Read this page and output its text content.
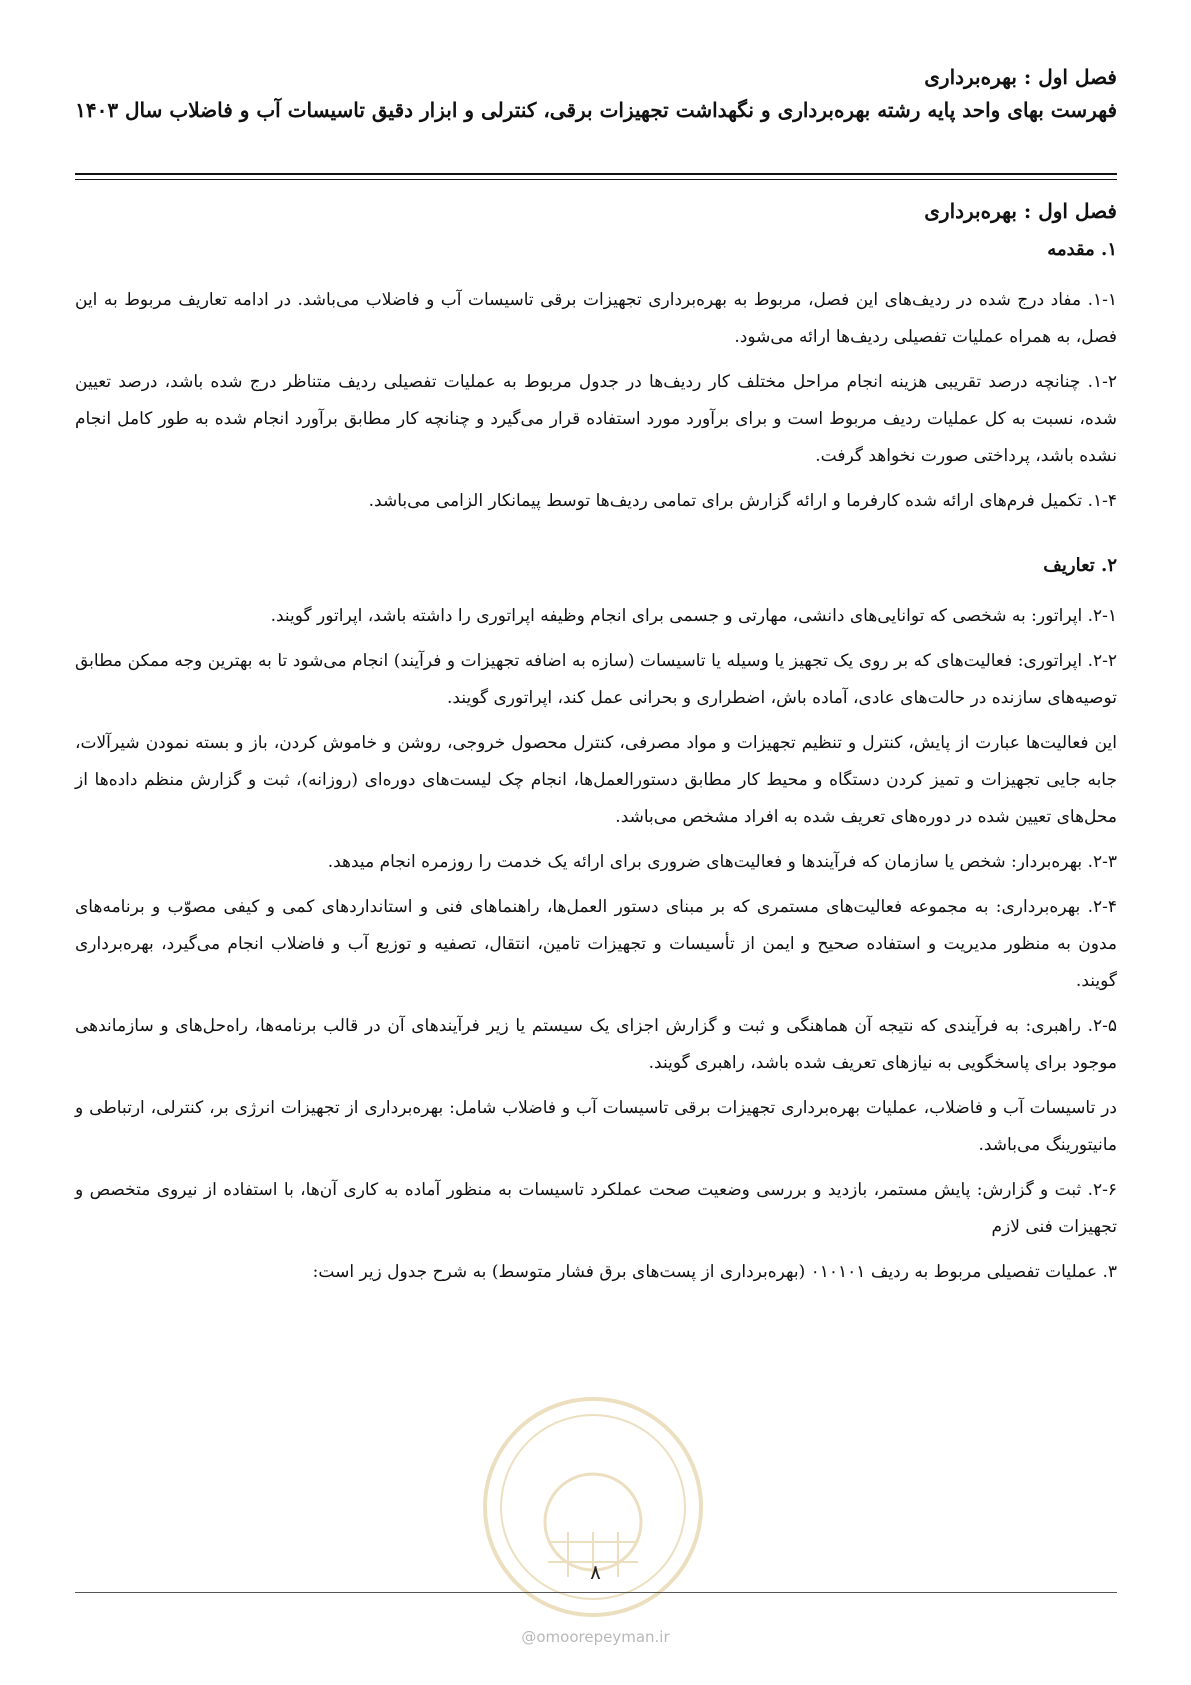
فصل اول : بهره‌برداری
فهرست بهای واحد پایه رشته بهره‌برداری و نگهداشت تجهیزات برقی، کنترلی و ابزار دقیق تاسیسات آب و فاضلاب سال ۱۴۰۳

فصل اول : بهره‌برداری

۱. مقدمه

۱-۱. مفاد درج شده در ردیف‌های این فصل، مربوط به بهره‌برداری تجهیزات برقی تاسیسات آب و فاضلاب می‌باشد. در ادامه تعاریف مربوط به این فصل، به همراه عملیات تفصیلی ردیف‌ها ارائه می‌شود.

۱-۲. چنانچه درصد تقریبی هزینه انجام مراحل مختلف کار ردیف‌ها در جدول مربوط به عملیات تفصیلی ردیف متناظر درج شده باشد، درصد تعیین شده، نسبت به کل عملیات ردیف مربوط است و برای برآورد مورد استفاده قرار می‌گیرد و چنانچه کار مطابق برآورد انجام شده به طور کامل انجام نشده باشد، پرداختی صورت نخواهد گرفت.

۱-۴. تکمیل فرم‌های ارائه شده کارفرما و ارائه گزارش برای تمامی ردیف‌ها توسط پیمانکار الزامی می‌باشد.

۲. تعاریف

۲-۱. اپراتور: به شخصی که توانایی‌های دانشی، مهارتی و جسمی برای انجام وظیفه اپراتوری را داشته باشد، اپراتور گویند.

۲-۲. اپراتوری: فعالیت‌های که بر روی یک تجهیز یا وسیله یا تاسیسات (سازه به اضافه تجهیزات و فرآیند) انجام می‌شود تا به بهترین وجه ممکن مطابق توصیه‌های سازنده در حالت‌های عادی، آماده باش، اضطراری و بحرانی عمل کند، اپراتوری گویند.

این فعالیت‌ها عبارت از پایش، کنترل و تنظیم تجهیزات و مواد مصرفی، کنترل محصول خروجی، روشن و خاموش کردن، باز و بسته نمودن شیرآلات، جابه جایی تجهیزات و تمیز کردن دستگاه و محیط کار مطابق دستورالعمل‌ها، انجام چک لیست‌های دوره‌ای (روزانه)، ثبت و گزارش منظم داده‌ها از محل‌های تعیین شده در دوره‌های تعریف شده به افراد مشخص می‌باشد.

۲-۳. بهره‌بردار: شخص یا سازمان که فرآیندها و فعالیت‌های ضروری برای ارائه یک خدمت را روزمره انجام میدهد.

۲-۴. بهره‌برداری: به مجموعه فعالیت‌های مستمری که بر مبنای دستور العمل‌ها، راهنماهای فنی و استانداردهای کمی و کیفی مصوّب و برنامه‌های مدون به منظور مدیریت و استفاده صحیح و ایمن از تأسیسات و تجهیزات تامین، انتقال، تصفیه و توزیع آب و فاضلاب انجام می‌گیرد، بهره‌برداری گویند.

۲-۵. راهبری: به فرآیندی که نتیجه آن هماهنگی و ثبت و گزارش اجزای یک سیستم یا زیر فرآیندهای آن در قالب برنامه‌ها، راه‌حل‌های و سازماندهی موجود برای پاسخگویی به نیازهای تعریف شده باشد، راهبری گویند.

در تاسیسات آب و فاضلاب، عملیات بهره‌برداری تجهیزات برقی تاسیسات آب و فاضلاب شامل: بهره‌برداری از تجهیزات انرژی بر، کنترلی، ارتباطی و مانیتورینگ می‌باشد.

۲-۶. ثبت و گزارش: پایش مستمر، بازدید و بررسی وضعیت صحت عملکرد تاسیسات به منظور آماده به کاری آن‌ها، با استفاده از نیروی متخصص و تجهیزات فنی لازم

۳. عملیات تفصیلی مربوط به ردیف ۰۱۰۱۰۱ (بهره‌برداری از پست‌های برق فشار متوسط) به شرح جدول زیر است:

۸
@omoorepeyman.ir
